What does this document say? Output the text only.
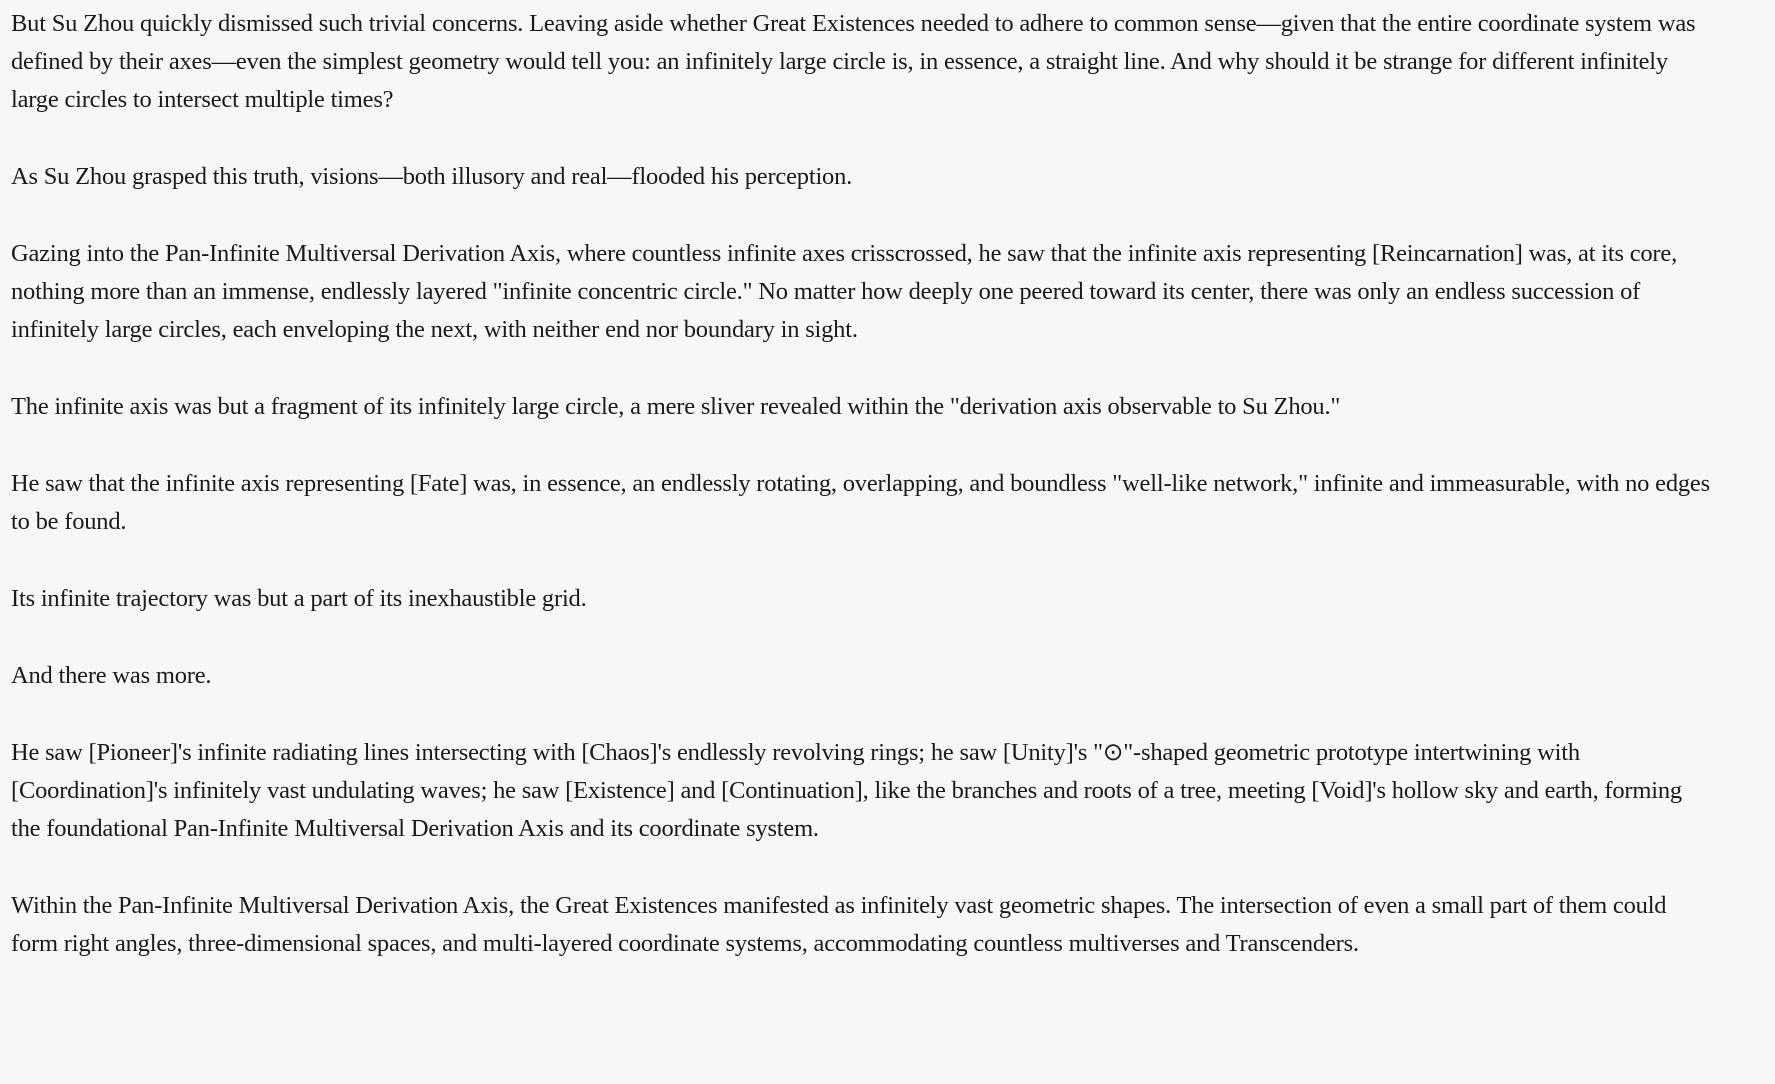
But Su Zhou quickly dismissed such trivial concerns. Leaving aside whether Great Existences needed to adhere to common sense—given that the entire coordinate system was defined by their axes—even the simplest geometry would tell you: an infinitely large circle is, in essence, a straight line. And why should it be strange for different infinitely large circles to intersect multiple times?

As Su Zhou grasped this truth, visions—both illusory and real—flooded his perception.

Gazing into the Pan-Infinite Multiversal Derivation Axis, where countless infinite axes crisscrossed, he saw that the infinite axis representing [Reincarnation] was, at its core, nothing more than an immense, endlessly layered "infinite concentric circle." No matter how deeply one peered toward its center, there was only an endless succession of infinitely large circles, each enveloping the next, with neither end nor boundary in sight.

The infinite axis was but a fragment of its infinitely large circle, a mere sliver revealed within the "derivation axis observable to Su Zhou."

He saw that the infinite axis representing [Fate] was, in essence, an endlessly rotating, overlapping, and boundless "well-like network," infinite and immeasurable, with no edges to be found.

Its infinite trajectory was but a part of its inexhaustible grid.

And there was more.

He saw [Pioneer]'s infinite radiating lines intersecting with [Chaos]'s endlessly revolving rings; he saw [Unity]'s "⊙"-shaped geometric prototype intertwining with [Coordination]'s infinitely vast undulating waves; he saw [Existence] and [Continuation], like the branches and roots of a tree, meeting [Void]'s hollow sky and earth, forming the foundational Pan-Infinite Multiversal Derivation Axis and its coordinate system.

Within the Pan-Infinite Multiversal Derivation Axis, the Great Existences manifested as infinitely vast geometric shapes. The intersection of even a small part of them could form right angles, three-dimensional spaces, and multi-layered coordinate systems, accommodating countless multiverses and Transcenders.
